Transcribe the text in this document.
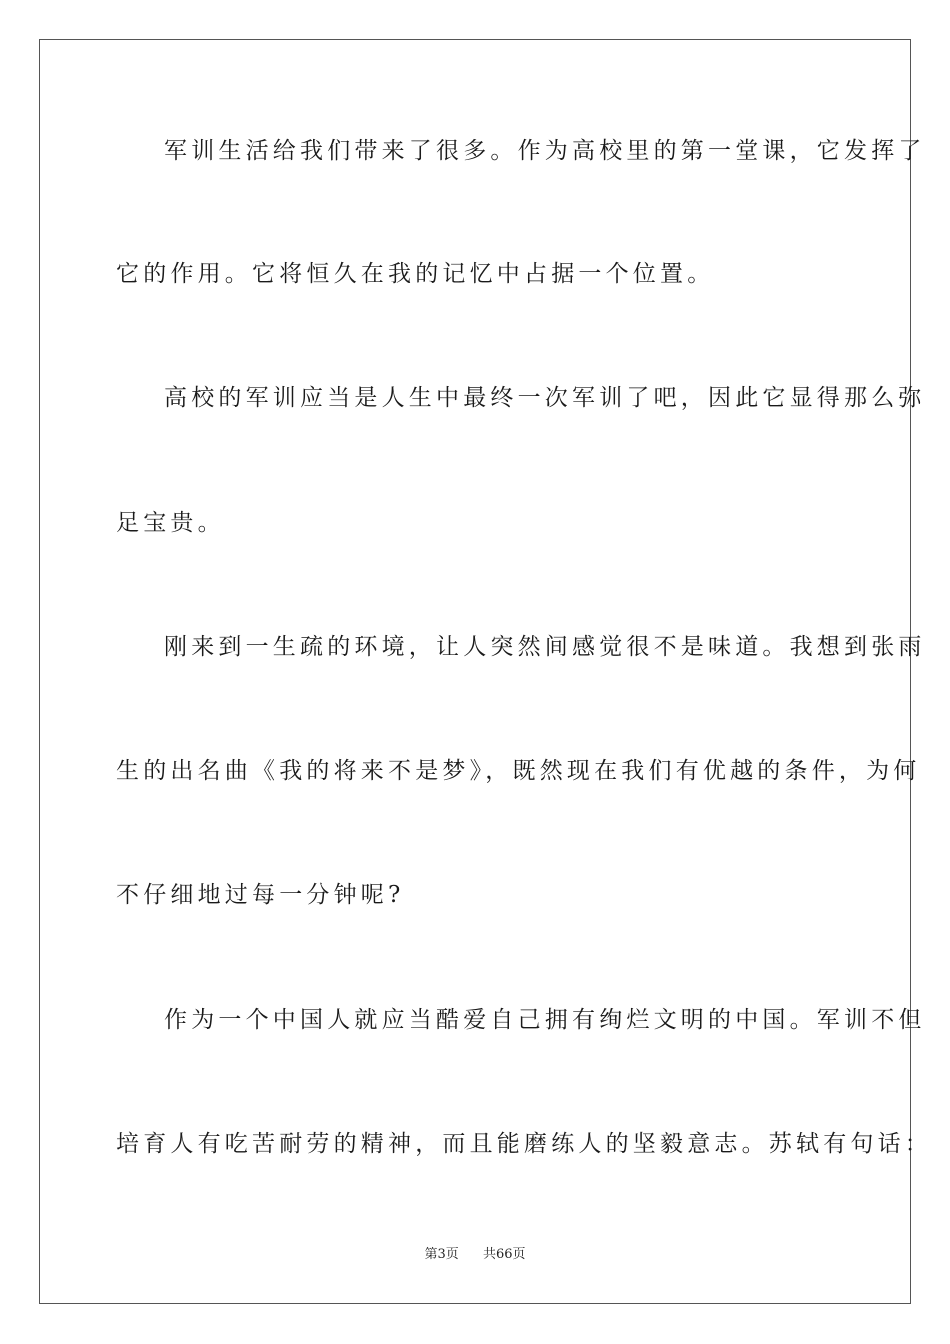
军训生活给我们带来了很多。作为高校里的第一堂课，它发挥了
它的作用。它将恒久在我的记忆中占据一个位置。
高校的军训应当是人生中最终一次军训了吧，因此它显得那么弥
足宝贵。
刚来到一生疏的环境，让人突然间感觉很不是味道。我想到张雨
生的出名曲《我的将来不是梦》，既然现在我们有优越的条件，为何
不仔细地过每一分钟呢?
作为一个中国人就应当酷爱自己拥有绚烂文明的中国。军训不但
培育人有吃苦耐劳的精神，而且能磨练人的坚毅意志。苏轼有句话：
第3页 共66页
